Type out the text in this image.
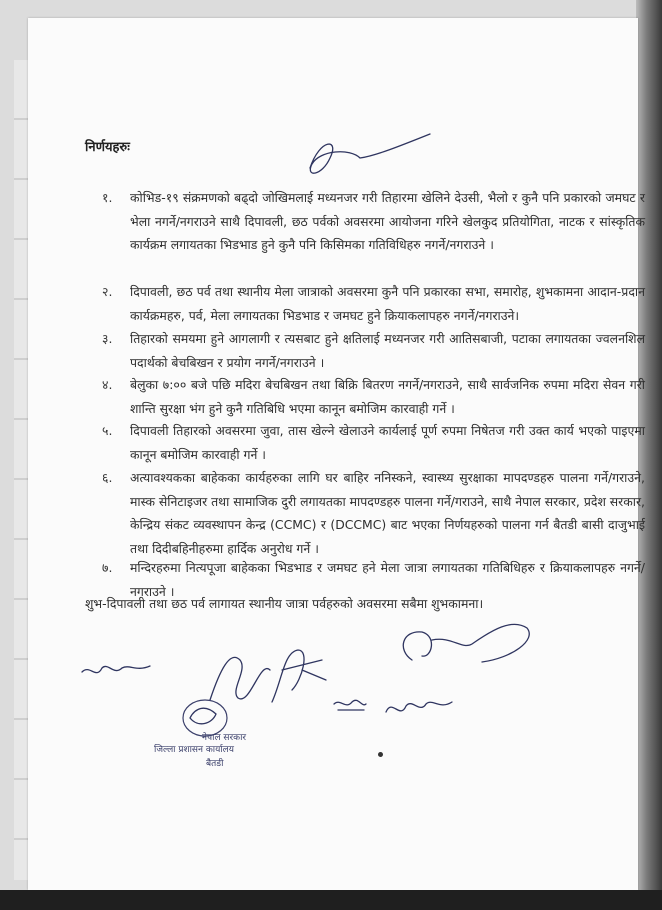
निर्णयहरुः
१.	कोभिड-१९ संक्रमणको बढ्दो जोखिमलाई मध्यनजर गरी तिहारमा खेलिने देउसी, भैलो र कुनै पनि प्रकारको जमघट र भेला नगर्ने/नगराउने साथै दिपावली, छठ पर्वको अवसरमा आयोजना गरिने खेलकुद प्रतियोगिता, नाटक र सांस्कृतिक कार्यक्रम लगायतका भिडभाड हुने कुनै पनि किसिमका गतिविधिहरु नगर्ने/नगराउने ।
२.	दिपावली, छठ पर्व तथा स्थानीय मेला जात्राको अवसरमा कुनै पनि प्रकारका सभा, समारोह, शुभकामना आदान-प्रदान कार्यक्रमहरु, पर्व, मेला लगायतका भिडभाड र जमघट हुने क्रियाकलापहरु नगर्ने/नगराउने।
३.	तिहारको समयमा हुने आगलागी र त्यसबाट हुने क्षतिलाई मध्यनजर गरी आतिसबाजी, पटाका लगायतका ज्वलनशिल पदार्थको बेचबिखन र प्रयोग नगर्ने/नगराउने ।
४.	बेलुका ७:०० बजे पछि मदिरा बेचबिखन तथा बिक्रि बितरण नगर्ने/नगराउने, साथै सार्वजनिक रुपमा मदिरा सेवन गरी शान्ति सुरक्षा भंग हुने कुनै गतिबिधि भएमा कानून बमोजिम कारवाही गर्ने ।
५.	दिपावली तिहारको अवसरमा जुवा, तास खेल्ने खेलाउने कार्यलाई पूर्ण रुपमा निषेतज गरी उक्त कार्य भएको पाइएमा कानून बमोजिम कारवाही गर्ने ।
६.	अत्यावश्यकका बाहेकका कार्यहरुका लागि घर बाहिर ननिस्कने, स्वास्थ्य सुरक्षाका मापदण्डहरु पालना गर्ने/गराउने, मास्क सेनिटाइजर तथा सामाजिक दुरी लगायतका मापदण्डहरु पालना गर्ने/गराउने, साथै नेपाल सरकार, प्रदेश सरकार, केन्द्रिय संकट व्यवस्थापन केन्द्र (CCMC) र (DCCMC) बाट भएका निर्णयहरुको पालना गर्न बैतडी बासी दाजुभाई तथा दिदीबहिनीहरुमा हार्दिक अनुरोध गर्ने ।
७.	मन्दिरहरुमा नित्यपूजा बाहेकका भिडभाड र जमघट हने मेला जात्रा लगायतका गतिबिधिहरु र क्रियाकलापहरु नगर्ने/नगराउने ।
शुभ-दिपावली तथा छठ पर्व लागायत स्थानीय जात्रा पर्वहरुको अवसरमा सबैमा शुभकामना।
नेपाल सरकार
जिल्ला प्रशासन कार्यालय
बैतडी
